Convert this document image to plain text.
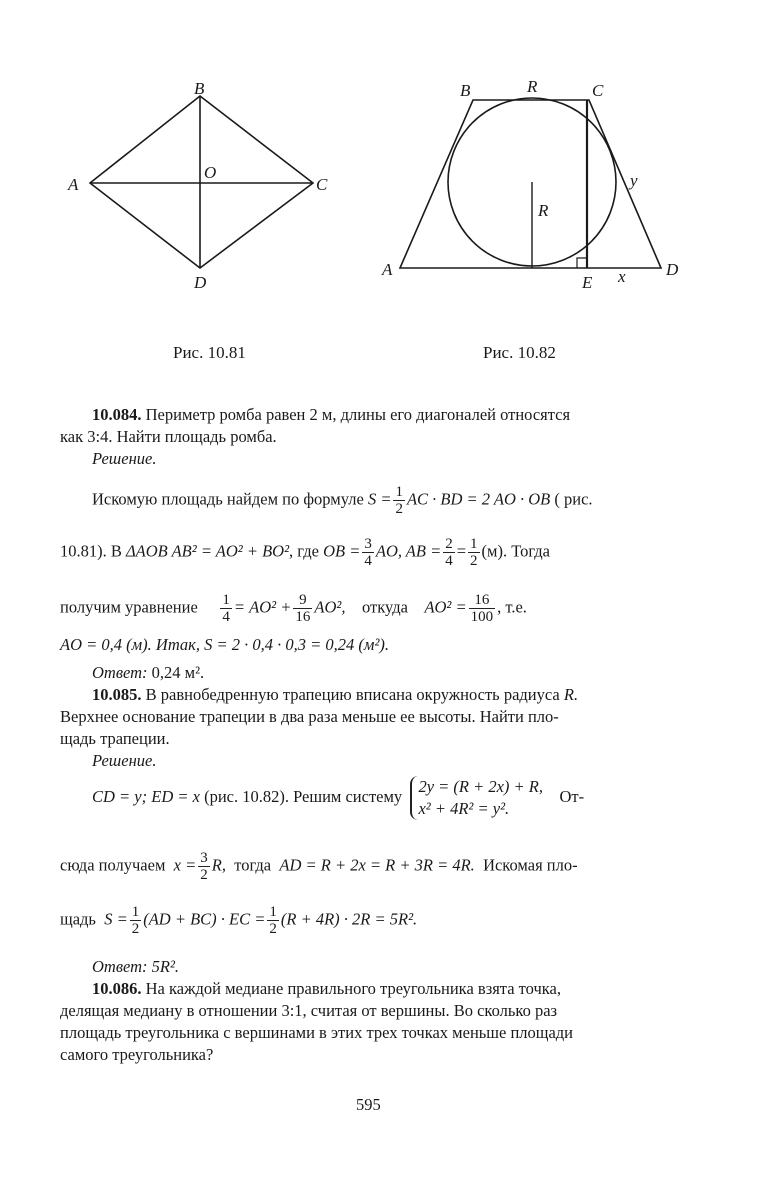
B
A	C
O
D
B	R	C
y
R
A
E x D
Рис. 10.81	Рис. 10.82
10.084. Периметр ромба равен 2 м, длины его диагоналей относятся
как 3:4. Найти площадь ромба.
Решение.
Искомую площадь найдем по формуле $S = \frac{1}{2}$ AC · BD = 2 AO · OB ( рис.
10.81). В ΔAOB AB² = AO² + BO², где OB = $\frac{3}{4}$ AO, AB = $\frac{2}{4} = \frac{1}{2} (м)$. Тогда
получим уравнение $\frac{1}{4} = AO^2 + \frac{9}{16} AO^2$, откуда $AO^2 = \frac{16}{100}$ , т.е.
AO = 0,4 (м). Итак, S = 2 · 0,4 · 0,3 = 0,24 (м²).
Ответ: 0,24 м².
10.085. В равнобедренную трапецию вписана окружность радиуса R.
Верхнее основание трапеции в два раза меньше ее высоты. Найти пло-
щадь трапеции.
Решение.
CD = y; ED = x (рис. 10.82). Решим систему
2y = (R + 2x) + R,
x² + 4R² = y².
От-
сюда получаем $x = \frac{3}{2} R$, тогда AD = R + 2x = R + 3R = 4R. Искомая пло-
щадь $S = \frac{1}{2} (AD + BC)$ · EC = $\frac{1}{2} (R + 4R) \cdot 2R = 5R^2$.
Ответ: 5R².
10.086. На каждой медиане правильного треугольника взята точка,
делящая медиану в отношении 3:1, считая от вершины. Во сколько раз
площадь треугольника с вершинами в этих трех точках меньше площади
самого треугольника?
595
